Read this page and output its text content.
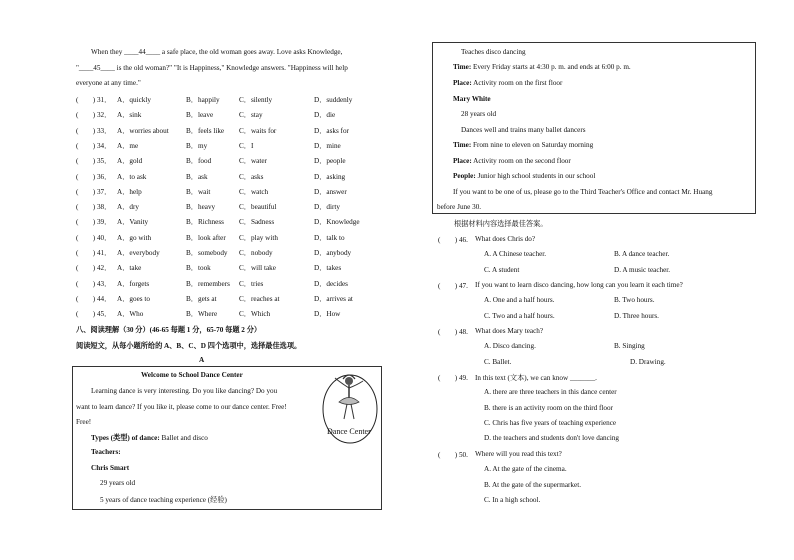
When they ____44____ a safe place, the old woman goes away. Love asks Knowledge,
"____45____ is the old woman?" "It is Happiness," Knowledge answers. "Happiness will help
everyone at any time."
(　　) 31． A．quickly	B．happily	C．silently	D．suddenly
(　　) 32． A．sink	B．leave	C．stay	D．die
(　　) 33． A．worries about B．feels like C．waits for	D．asks for
(　　) 34． A．me	B．my	C．I	D．mine
(　　) 35． A．gold	B．food	C．water	D．people
(　　) 36． A．to ask	B．ask	C．asks	D．asking
(　　) 37． A．help	B．wait	C．watch	D．answer
(　　) 38． A．dry	B．heavy	C．beautiful	D．dirty
(　　) 39． A．Vanity	B．Richness C．Sadness	D．Knowledge
(　　) 40． A．go with	B．look after C．play with	D．talk to
(　　) 41． A．everybody	B．somebody C．nobody	D．anybody
(　　) 42． A．take	B．took	C．will take	D．takes
(　　) 43． A．forgets	B．remembers C．tries	D．decides
(　　) 44． A．goes to	B．gets at	C．reaches at	D．arrives at
(　　) 45． A．Who	B．Where	C．Which	D．How
八、阅读理解（30 分）(46-65 每题 1 分，65-70 每题 2 分）
阅读短文，从每小题所给的 A、B、C、D 四个选项中，选择最佳选项。
A
Welcome to School Dance Center
Learning dance is very interesting. Do you like dancing? Do you
want to learn dance? If you like it, please come to our dance center. Free!
Free!
Types (类型) of dance: Ballet and disco
Teachers:
Chris Smart
29 years old
5 years of dance teaching experience (经验)
Dance Center
Teaches disco dancing
Time: Every Friday starts at 4:30 p. m. and ends at 6:00 p. m.
Place: Activity room on the first floor
Mary White
28 years old
Dances well and trains many ballet dancers
Time: From nine to eleven on Saturday morning
Place: Activity room on the second floor
People: Junior high school students in our school
If you want to be one of us, please go to the Third Teacher's Office and contact Mr. Huang
before June 30.
根据材料内容选择最佳答案。
(　　) 46. What does Chris do?
A. A Chinese teacher.	B. A dance teacher.
C. A student	D. A music teacher.
(　　) 47. If you want to learn disco dancing, how long can you learn it each time?
A. One and a half hours.	B. Two hours.
C. Two and a half hours.	D. Three hours.
(　　) 48. What does Mary teach?
A. Disco dancing.	B. Singing
C. Ballet.	D. Drawing.
(　　) 49. In this text (文本), we can know _______.
A. there are three teachers in this dance center
B. there is an activity room on the third floor
C. Chris has five years of teaching experience
D. the teachers and students don't love dancing
(　　) 50. Where will you read this text?
A. At the gate of the cinema.
B. At the gate of the supermarket.
C. In a high school.
